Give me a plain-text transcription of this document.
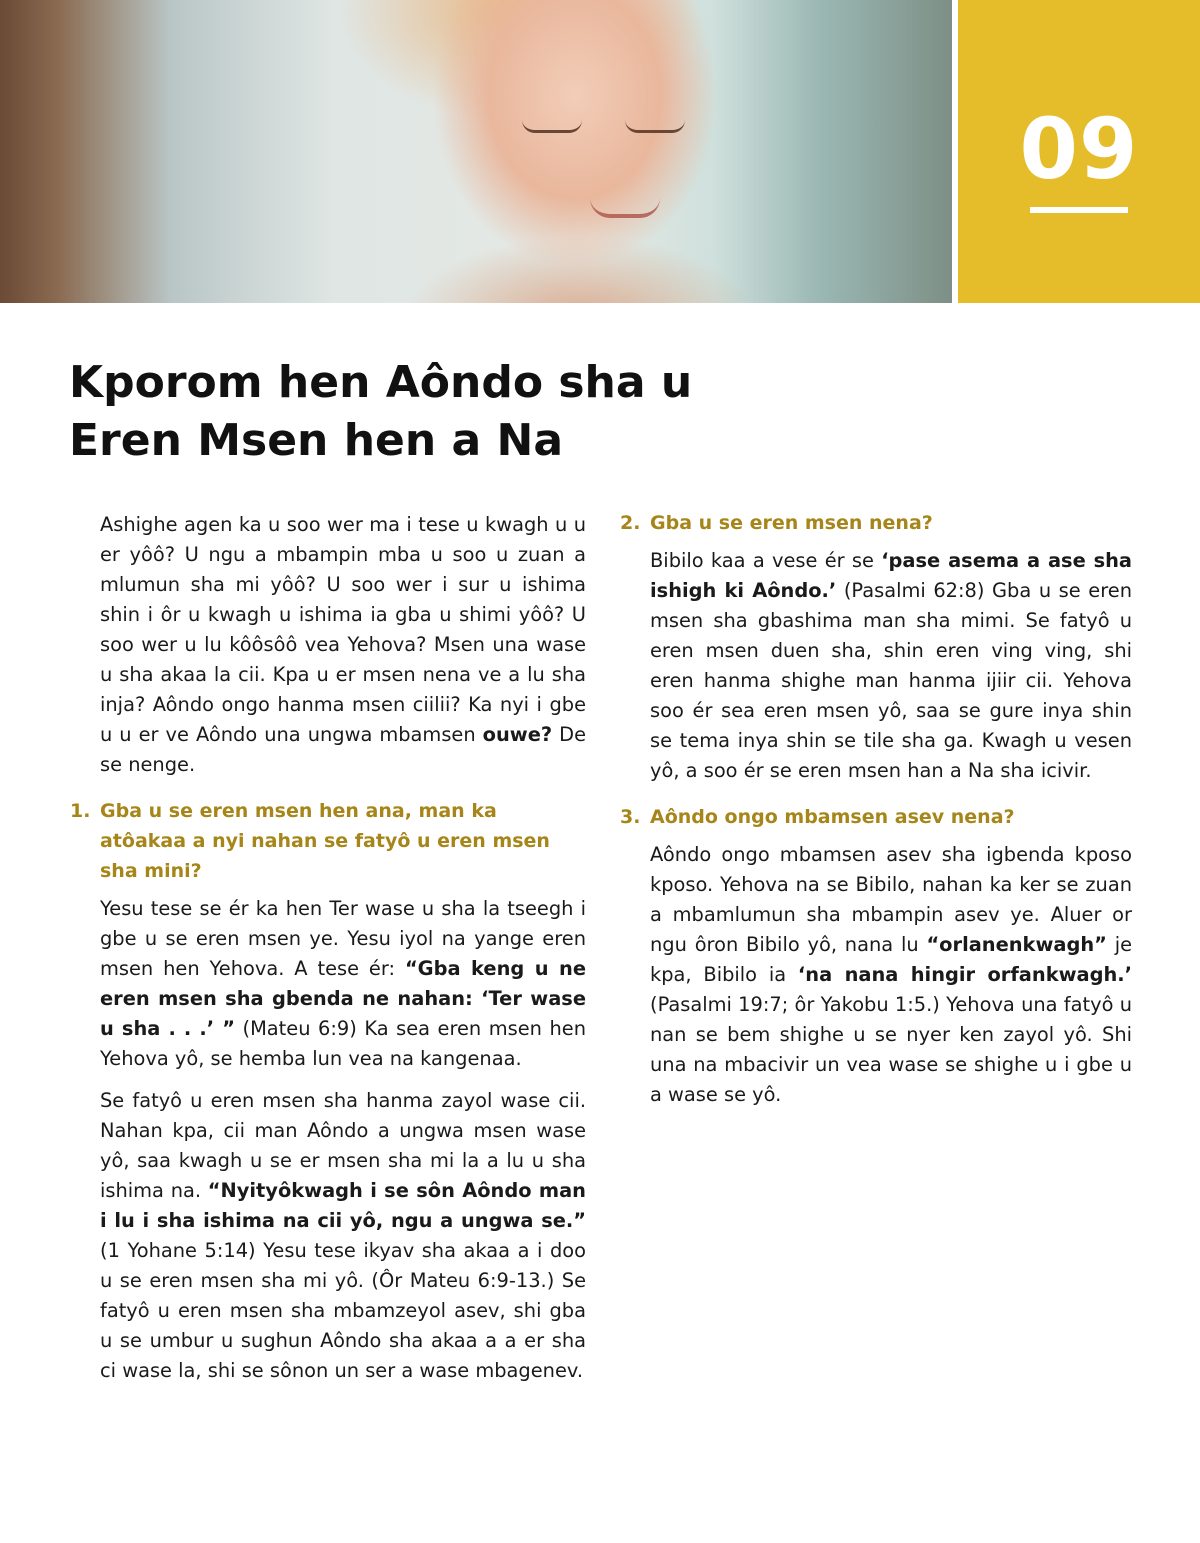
09
Kporom hen Aôndo sha u
Eren Msen hen a Na

Ashighe agen ka u soo wer ma i tese u kwagh u u er yôô? U ngu a mbampin mba u soo u zuan a mlumun sha mi yôô? U soo wer i sur u ishima shin i ôr u kwagh u ishima ia gba u shimi yôô? U soo wer u lu kôôsôô vea Yehova? Msen una wase u sha akaa la cii. Kpa u er msen nena ve a lu sha inja? Aôndo ongo hanma msen ciilii? Ka nyi i gbe u u er ve Aôndo una ungwa mbamsen ouwe? De se nenge.

1. Gba u se eren msen hen ana, man ka atôakaa a nyi nahan se fatyô u eren msen sha mini?

Yesu tese se ér ka hen Ter wase u sha la tseegh i gbe u se eren msen ye. Yesu iyol na yange eren msen hen Yehova. A tese ér: “Gba keng u ne eren msen sha gbenda ne nahan: ‘Ter wase u sha . . .’ ” (Mateu 6:9) Ka sea eren msen hen Yehova yô, se hemba lun vea na kangenaa.

Se fatyô u eren msen sha hanma zayol wase cii. Nahan kpa, cii man Aôndo a ungwa msen wase yô, saa kwagh u se er msen sha mi la a lu u sha ishima na. “Nyityôkwagh i se sôn Aôndo man i lu i sha ishima na cii yô, ngu a ungwa se.” (1 Yohane 5:14) Yesu tese ikyav sha akaa a i doo u se eren msen sha mi yô. (Ôr Mateu 6:9-13.) Se fatyô u eren msen sha mbamzeyol asev, shi gba u se umbur u sughun Aôndo sha akaa a a er sha ci wase la, shi se sônon un ser a wase mbagenev.

2. Gba u se eren msen nena?

Bibilo kaa a vese ér se ‘pase asema a ase sha ishigh ki Aôndo.’ (Pasalmi 62:8) Gba u se eren msen sha gbashima man sha mimi. Se fatyô u eren msen duen sha, shin eren ving ving, shi eren hanma shighe man hanma ijiir cii. Yehova soo ér sea eren msen yô, saa se gure inya shin se tema inya shin se tile sha ga. Kwagh u vesen yô, a soo ér se eren msen han a Na sha icivir.

3. Aôndo ongo mbamsen asev nena?

Aôndo ongo mbamsen asev sha igbenda kposo kposo. Yehova na se Bibilo, nahan ka ker se zuan a mbamlumun sha mbampin asev ye. Aluer or ngu ôron Bibilo yô, nana lu “orlanenkwagh” je kpa, Bibilo ia ‘na nana hingir orfankwagh.’ (Pasalmi 19:7; ôr Yakobu 1:5.) Yehova una fatyô u nan se bem shighe u se nyer ken zayol yô. Shi una na mbacivir un vea wase se shighe u i gbe u a wase se yô.
